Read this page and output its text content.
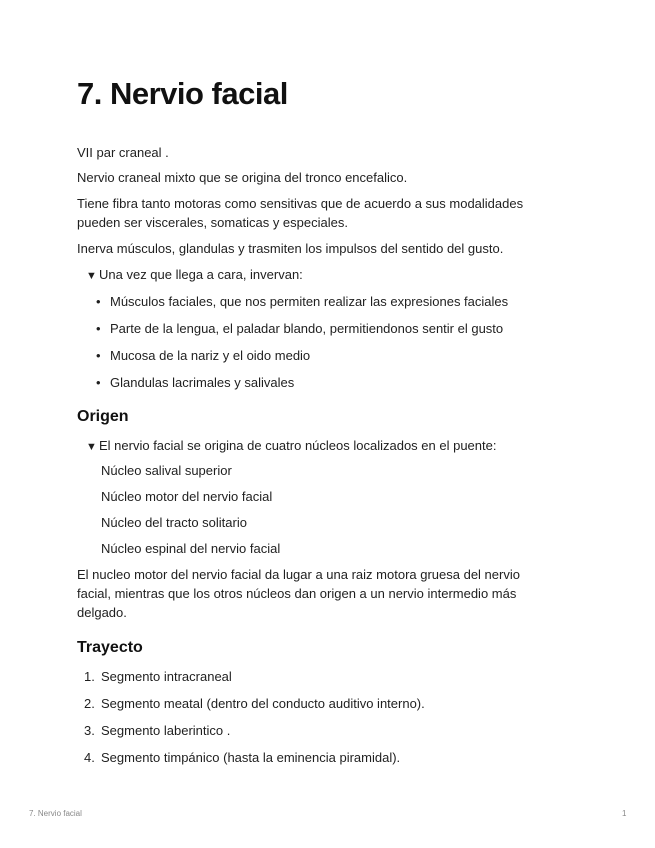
7. Nervio facial

VII par craneal .

Nervio craneal mixto que se origina del tronco encefalico.

Tiene fibra tanto motoras como sensitivas que de acuerdo a sus modalidades

pueden ser viscerales, somaticas y especiales.

Inerva músculos, glandulas y trasmiten los impulsos del sentido del gusto.

▼ Una vez que llega a cara, invervan:
• Músculos faciales, que nos permiten realizar las expresiones faciales
• Parte de la lengua, el paladar blando, permitiendonos sentir el gusto
• Mucosa de la nariz y el oido medio
• Glandulas lacrimales y salivales
Origen
▼ El nervio facial se origina de cuatro núcleos localizados en el puente:
Núcleo salival superior
Núcleo motor del nervio facial
Núcleo del tracto solitario
Núcleo espinal del nervio facial

El nucleo motor del nervio facial da lugar a una raiz motora gruesa del nervio

facial, mientras que los otros núcleos dan origen a un nervio intermedio más

delgado.

Trayecto
1. Segmento intracraneal
2. Segmento meatal (dentro del conducto auditivo interno).
3. Segmento laberintico .
4. Segmento timpánico (hasta la eminencia piramidal).
7. Nervio facial	1
